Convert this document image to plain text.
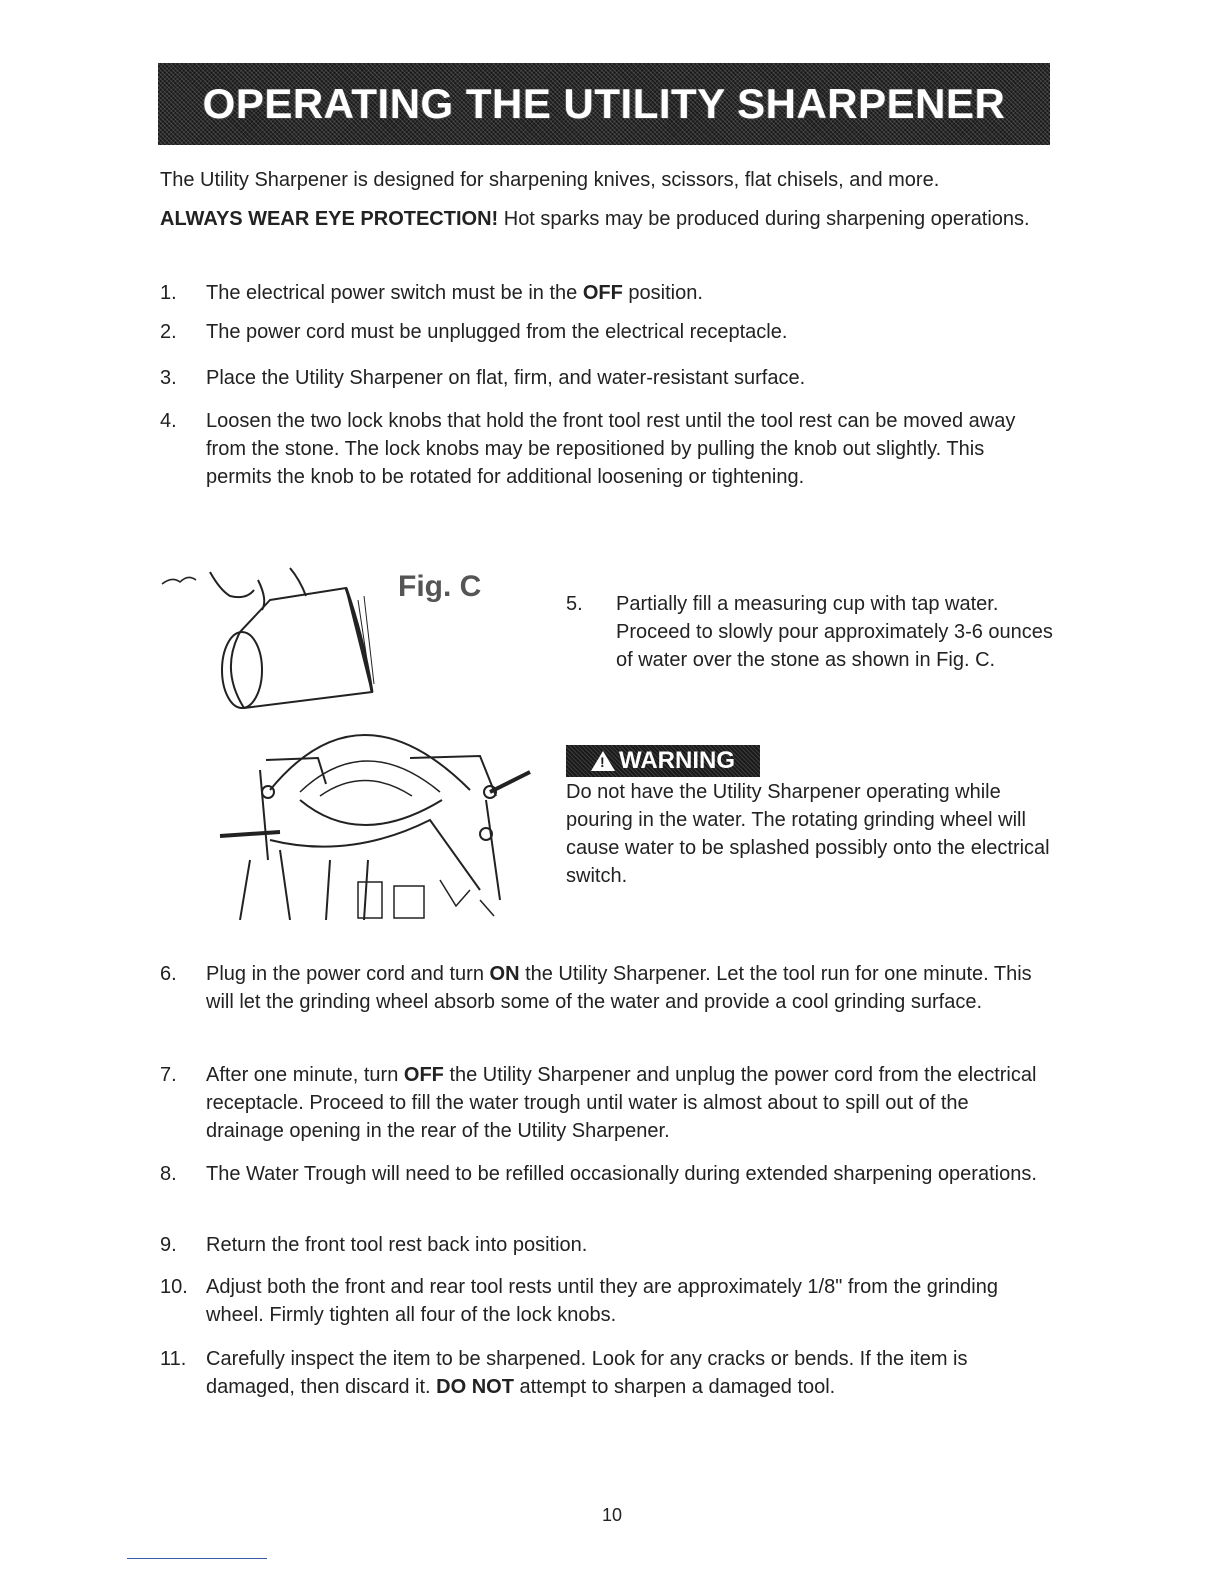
OPERATING THE UTILITY SHARPENER

The Utility Sharpener is designed for sharpening knives, scissors, flat chisels, and more.

ALWAYS WEAR EYE PROTECTION! Hot sparks may be produced during sharpening operations.

1. The electrical power switch must be in the OFF position.
2. The power cord must be unplugged from the electrical receptacle.
3. Place the Utility Sharpener on flat, firm, and water-resistant surface.
4. Loosen the two lock knobs that hold the front tool rest until the tool rest can be moved away from the stone. The lock knobs may be repositioned by pulling the knob out slightly. This permits the knob to be rotated for additional loosening or tightening.
Fig. C
5. Partially fill a measuring cup with tap water. Proceed to slowly pour approximately 3-6 ounces of water over the stone as shown in Fig. C.
!
WARNING
Do not have the Utility Sharpener operating while pouring in the water. The rotating grinding wheel will cause water to be splashed possibly onto the electrical switch.
6. Plug in the power cord and turn ON the Utility Sharpener. Let the tool run for one minute. This will let the grinding wheel absorb some of the water and provide a cool grinding surface.
7. After one minute, turn OFF the Utility Sharpener and unplug the power cord from the electrical receptacle. Proceed to fill the water trough until water is almost about to spill out of the drainage opening in the rear of the Utility Sharpener.
8. The Water Trough will need to be refilled occasionally during extended sharpening operations.
9. Return the front tool rest back into position.
10. Adjust both the front and rear tool rests until they are approximately 1/8" from the grinding wheel. Firmly tighten all four of the lock knobs.
11. Carefully inspect the item to be sharpened. Look for any cracks or bends. If the item is damaged, then discard it. DO NOT attempt to sharpen a damaged tool.
10
